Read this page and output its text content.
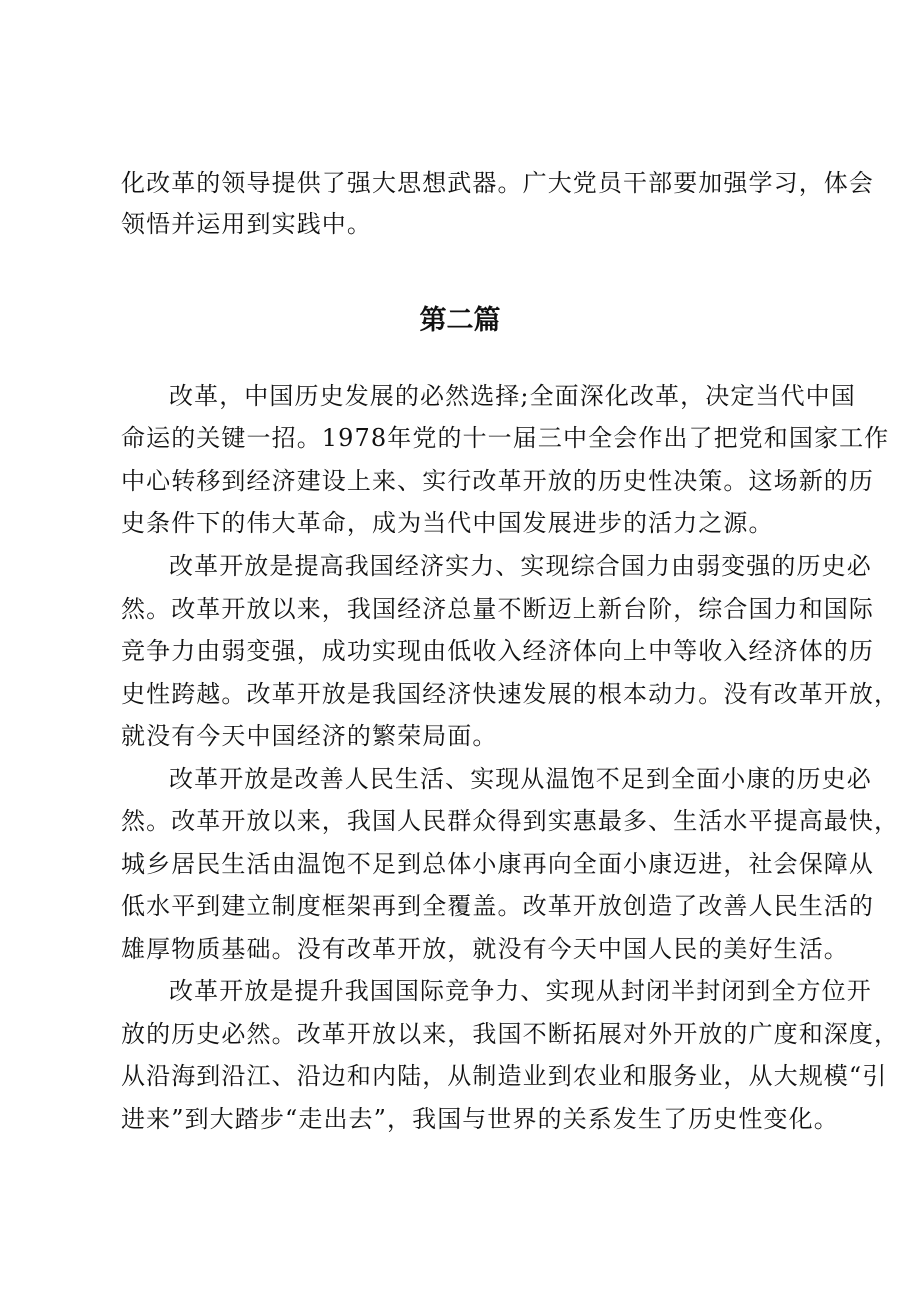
化改革的领导提供了强大思想武器。广大党员干部要加强学习，体会
领悟并运用到实践中。
第二篇
改革，中国历史发展的必然选择;全面深化改革，决定当代中国
命运的关键一招。1978年党的十一届三中全会作出了把党和国家工作
中心转移到经济建设上来、实行改革开放的历史性决策。这场新的历
史条件下的伟大革命，成为当代中国发展进步的活力之源。
改革开放是提高我国经济实力、实现综合国力由弱变强的历史必
然。改革开放以来，我国经济总量不断迈上新台阶，综合国力和国际
竞争力由弱变强，成功实现由低收入经济体向上中等收入经济体的历
史性跨越。改革开放是我国经济快速发展的根本动力。没有改革开放，
就没有今天中国经济的繁荣局面。
改革开放是改善人民生活、实现从温饱不足到全面小康的历史必
然。改革开放以来，我国人民群众得到实惠最多、生活水平提高最快，
城乡居民生活由温饱不足到总体小康再向全面小康迈进，社会保障从
低水平到建立制度框架再到全覆盖。改革开放创造了改善人民生活的
雄厚物质基础。没有改革开放，就没有今天中国人民的美好生活。
改革开放是提升我国国际竞争力、实现从封闭半封闭到全方位开
放的历史必然。改革开放以来，我国不断拓展对外开放的广度和深度，
从沿海到沿江、沿边和内陆，从制造业到农业和服务业，从大规模“引
进来”到大踏步“走出去”，我国与世界的关系发生了历史性变化。
